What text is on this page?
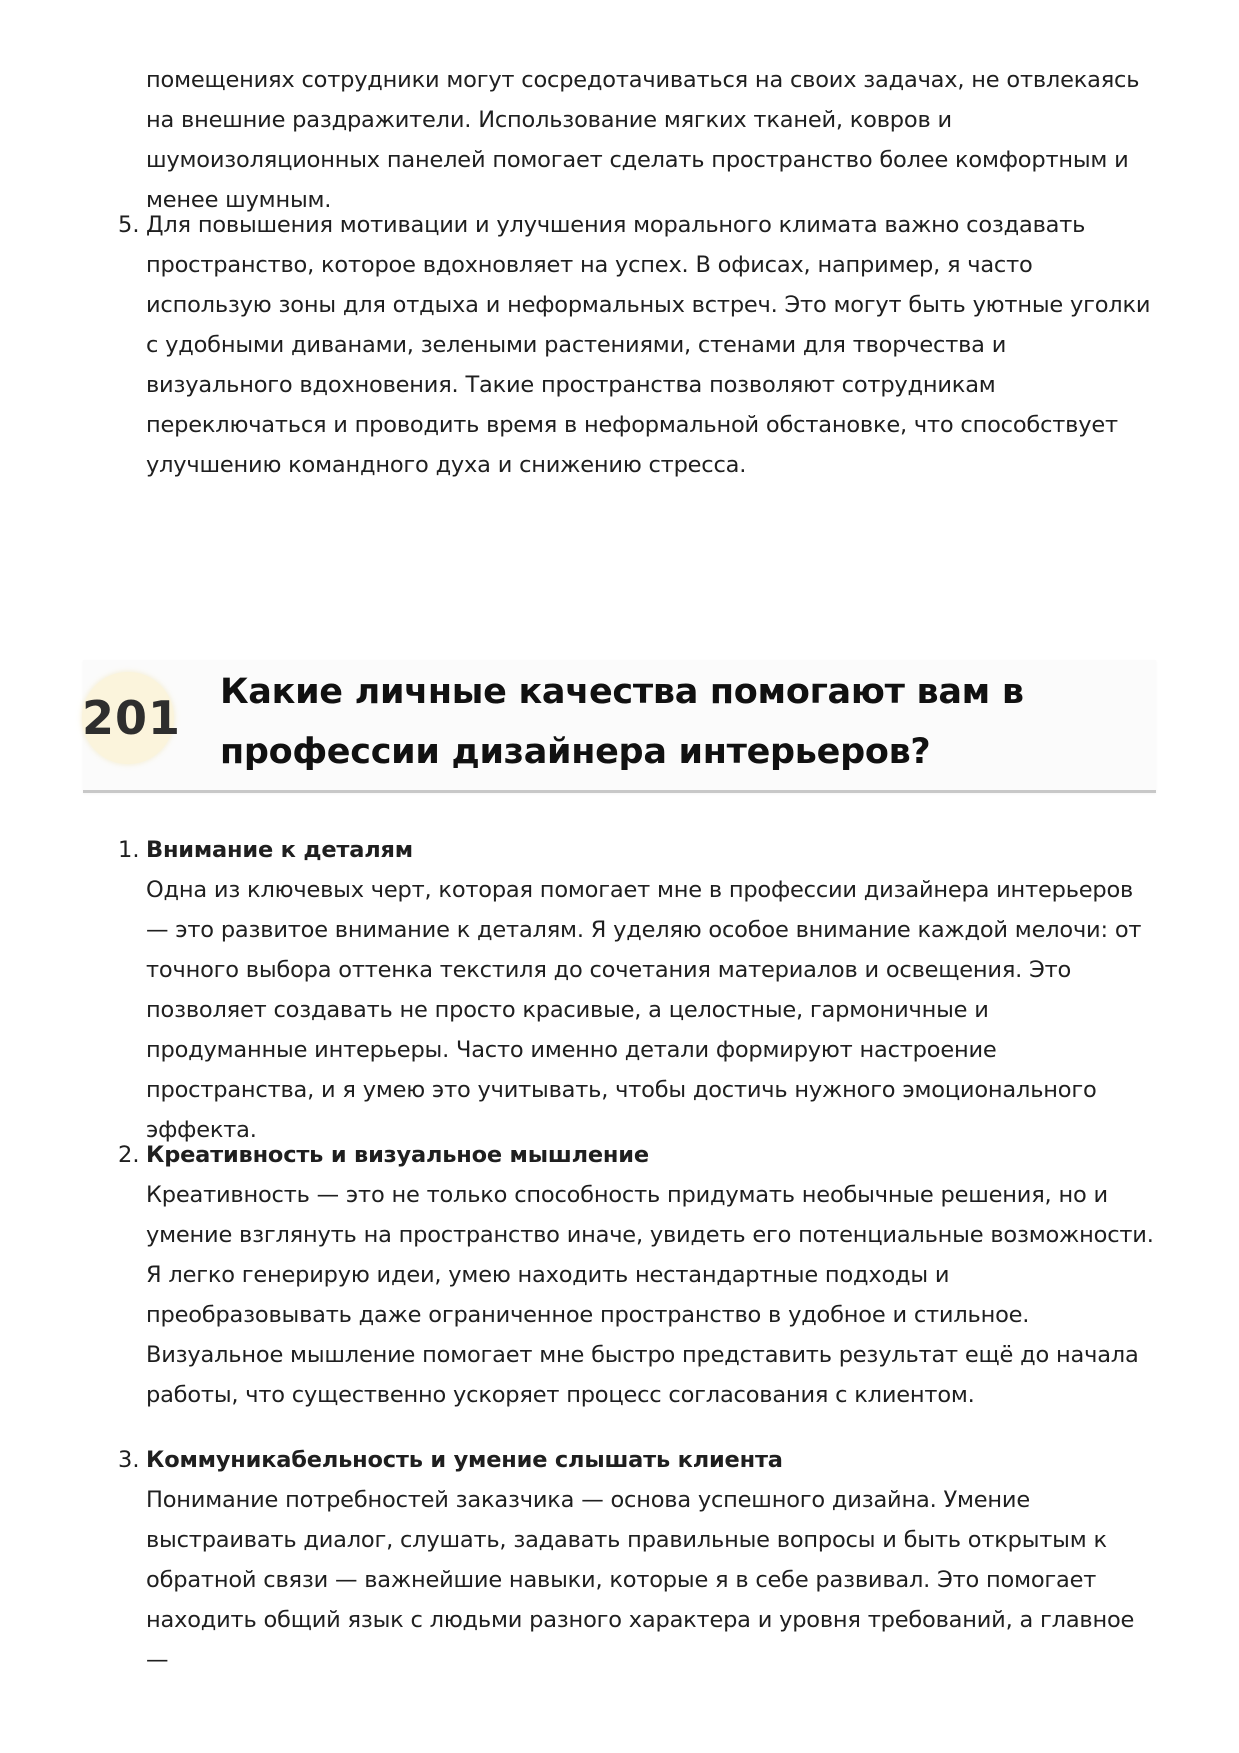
помещениях сотрудники могут сосредотачиваться на своих задачах, не отвлекаясь на внешние раздражители. Использование мягких тканей, ковров и шумоизоляционных панелей помогает сделать пространство более комфортным и менее шумным.
5. Для повышения мотивации и улучшения морального климата важно создавать пространство, которое вдохновляет на успех. В офисах, например, я часто использую зоны для отдыха и неформальных встреч. Это могут быть уютные уголки с удобными диванами, зелеными растениями, стенами для творчества и визуального вдохновения. Такие пространства позволяют сотрудникам переключаться и проводить время в неформальной обстановке, что способствует улучшению командного духа и снижению стресса.
201 Какие личные качества помогают вам в профессии дизайнера интерьеров?
1. Внимание к деталям
Одна из ключевых черт, которая помогает мне в профессии дизайнера интерьеров — это развитое внимание к деталям. Я уделяю особое внимание каждой мелочи: от точного выбора оттенка текстиля до сочетания материалов и освещения. Это позволяет создавать не просто красивые, а целостные, гармоничные и продуманные интерьеры. Часто именно детали формируют настроение пространства, и я умею это учитывать, чтобы достичь нужного эмоционального эффекта.
2. Креативность и визуальное мышление
Креативность — это не только способность придумать необычные решения, но и умение взглянуть на пространство иначе, увидеть его потенциальные возможности. Я легко генерирую идеи, умею находить нестандартные подходы и преобразовывать даже ограниченное пространство в удобное и стильное. Визуальное мышление помогает мне быстро представить результат ещё до начала работы, что существенно ускоряет процесс согласования с клиентом.
3. Коммуникабельность и умение слышать клиента
Понимание потребностей заказчика — основа успешного дизайна. Умение выстраивать диалог, слушать, задавать правильные вопросы и быть открытым к обратной связи — важнейшие навыки, которые я в себе развивал. Это помогает находить общий язык с людьми разного характера и уровня требований, а главное —
